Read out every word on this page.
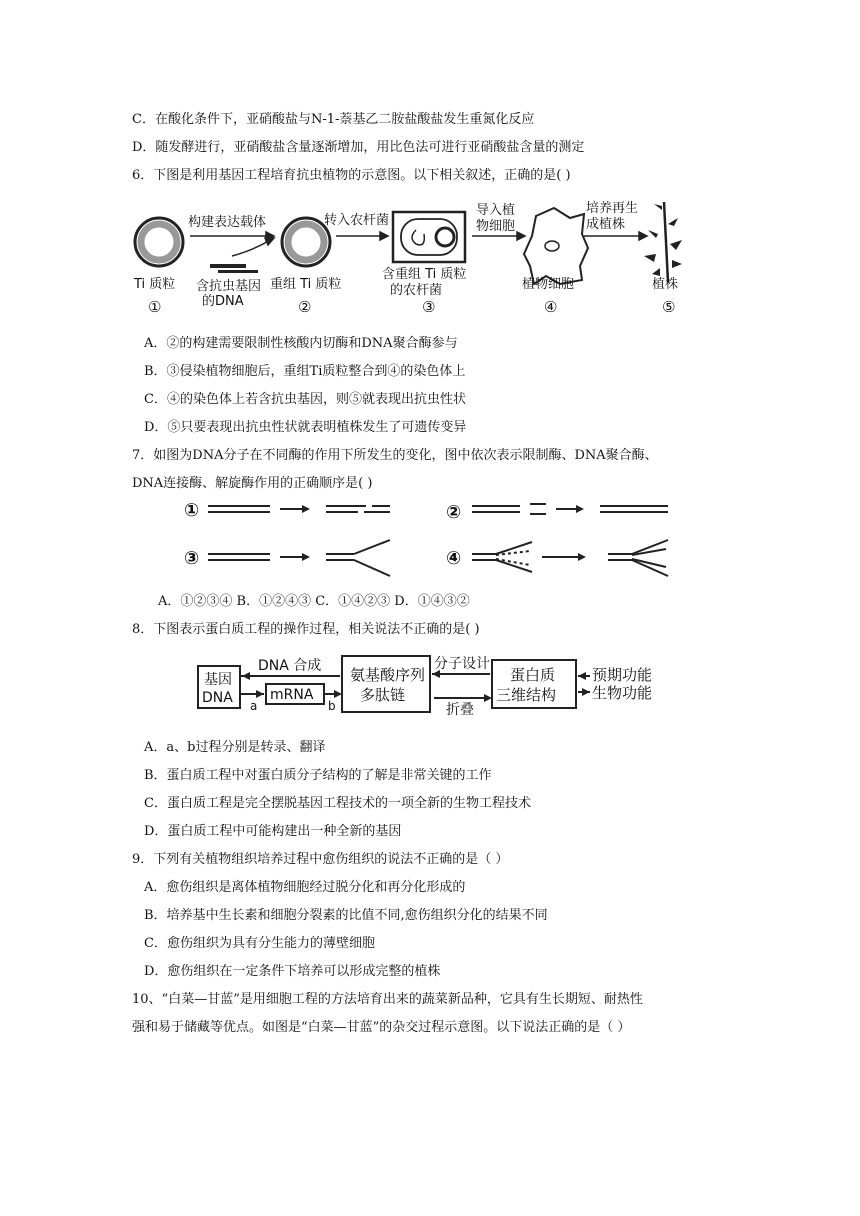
C．在酸化条件下，亚硝酸盐与N-1-萘基乙二胺盐酸盐发生重氮化反应
D．随发酵进行，亚硝酸盐含量逐渐增加，用比色法可进行亚硝酸盐含量的测定
6．下图是利用基因工程培育抗虫植物的示意图。以下相关叙述，正确的是( )
构建表达载体	转入农杆菌
导入植
物细胞
培养再生
成植株
Ti 质粒
①
含抗虫基因
的DNA
重组 Ti 质粒
②
含重组 Ti 质粒
的农杆菌
③
植物细胞
④
植株
⑤
A．②的构建需要限制性核酸内切酶和DNA聚合酶参与
B．③侵染植物细胞后，重组Ti质粒整合到④的染色体上
C．④的染色体上若含抗虫基因，则⑤就表现出抗虫性状
D．⑤只要表现出抗虫性状就表明植株发生了可遗传变异
7．如图为DNA分子在不同酶的作用下所发生的变化，图中依次表示限制酶、DNA聚合酶、
DNA连接酶、解旋酶作用的正确顺序是( )
①	②
③	④
A．①②③④ B．①②④③ C．①④②③ D．①④③②
8．下图表示蛋白质工程的操作过程，相关说法不正确的是( )
基因
DNA
DNA 合成
mRNA
a	b
氨基酸序列
多肽链
分子设计
折叠
蛋白质
三维结构
预期功能
生物功能
A．a、b过程分别是转录、翻译
B．蛋白质工程中对蛋白质分子结构的了解是非常关键的工作
C．蛋白质工程是完全摆脱基因工程技术的一项全新的生物工程技术
D．蛋白质工程中可能构建出一种全新的基因
9．下列有关植物组织培养过程中愈伤组织的说法不正确的是（ ）
A．愈伤组织是离体植物细胞经过脱分化和再分化形成的
B．培养基中生长素和细胞分裂素的比值不同,愈伤组织分化的结果不同
C．愈伤组织为具有分生能力的薄壁细胞
D．愈伤组织在一定条件下培养可以形成完整的植株
10、“白菜—甘蓝”是用细胞工程的方法培育出来的蔬菜新品种，它具有生长期短、耐热性
强和易于储藏等优点。如图是“白菜—甘蓝”的杂交过程示意图。以下说法正确的是（ ）
